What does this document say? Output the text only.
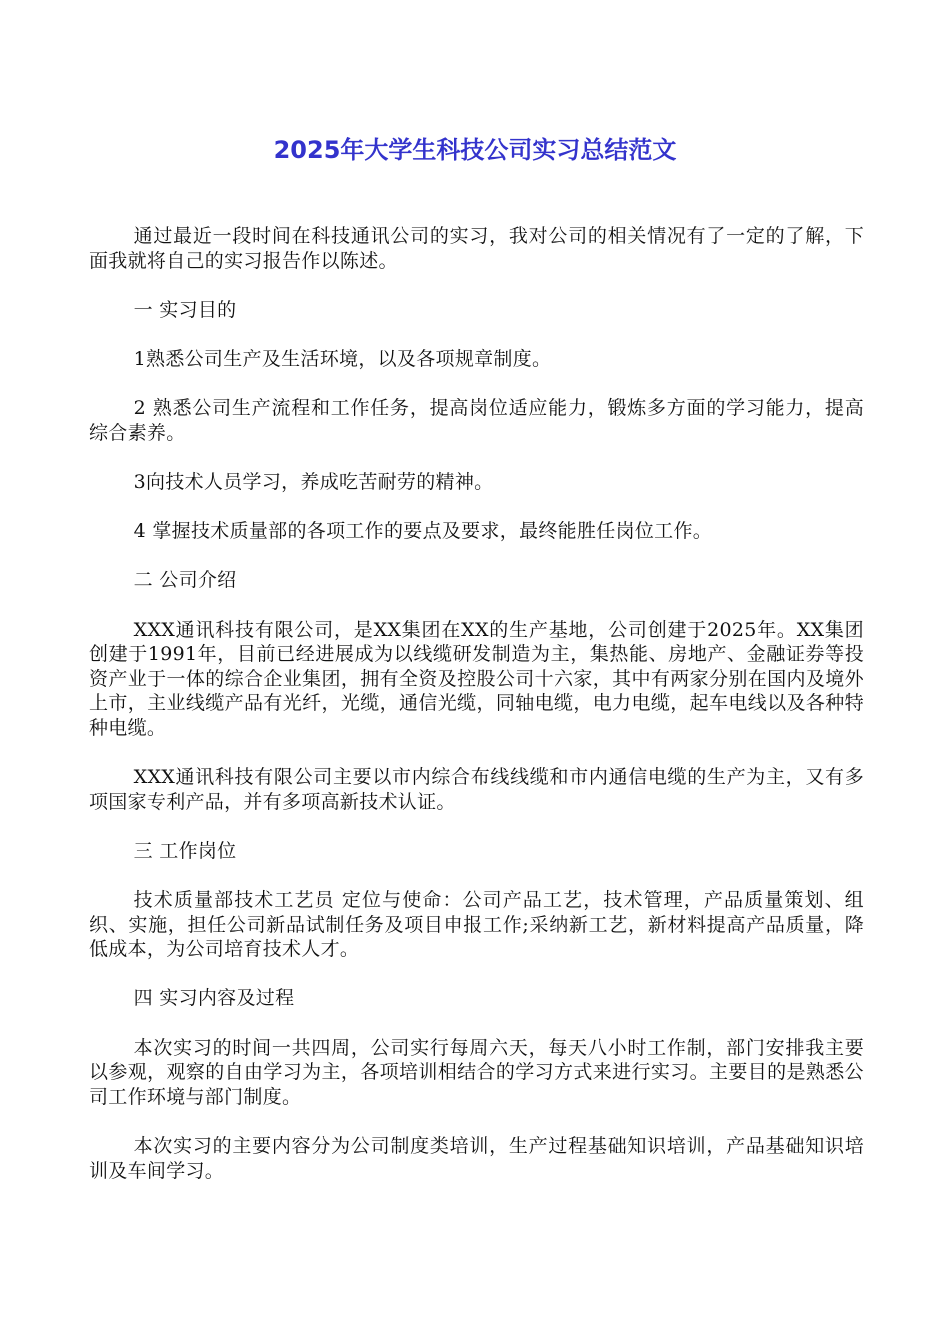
2025年大学生科技公司实习总结范文

通过最近一段时间在科技通讯公司的实习，我对公司的相关情况有了一定的了解，下面我就将自己的实习报告作以陈述。

一 实习目的

1熟悉公司生产及生活环境，以及各项规章制度。

2 熟悉公司生产流程和工作任务，提高岗位适应能力，锻炼多方面的学习能力，提高综合素养。

3向技术人员学习，养成吃苦耐劳的精神。

4 掌握技术质量部的各项工作的要点及要求，最终能胜任岗位工作。

二 公司介绍

XXX通讯科技有限公司，是XX集团在XX的生产基地，公司创建于2025年。XX集团创建于1991年，目前已经进展成为以线缆研发制造为主，集热能、房地产、金融证券等投资产业于一体的综合企业集团，拥有全资及控股公司十六家，其中有两家分别在国内及境外上市，主业线缆产品有光纤，光缆，通信光缆，同轴电缆，电力电缆，起车电线以及各种特种电缆。

XXX通讯科技有限公司主要以市内综合布线线缆和市内通信电缆的生产为主，又有多项国家专利产品，并有多项高新技术认证。

三 工作岗位

技术质量部技术工艺员 定位与使命：公司产品工艺，技术管理，产品质量策划、组织、实施，担任公司新品试制任务及项目申报工作;采纳新工艺，新材料提高产品质量，降低成本，为公司培育技术人才。

四 实习内容及过程

本次实习的时间一共四周，公司实行每周六天，每天八小时工作制，部门安排我主要以参观，观察的自由学习为主，各项培训相结合的学习方式来进行实习。主要目的是熟悉公司工作环境与部门制度。

本次实习的主要内容分为公司制度类培训，生产过程基础知识培训，产品基础知识培训及车间学习。
